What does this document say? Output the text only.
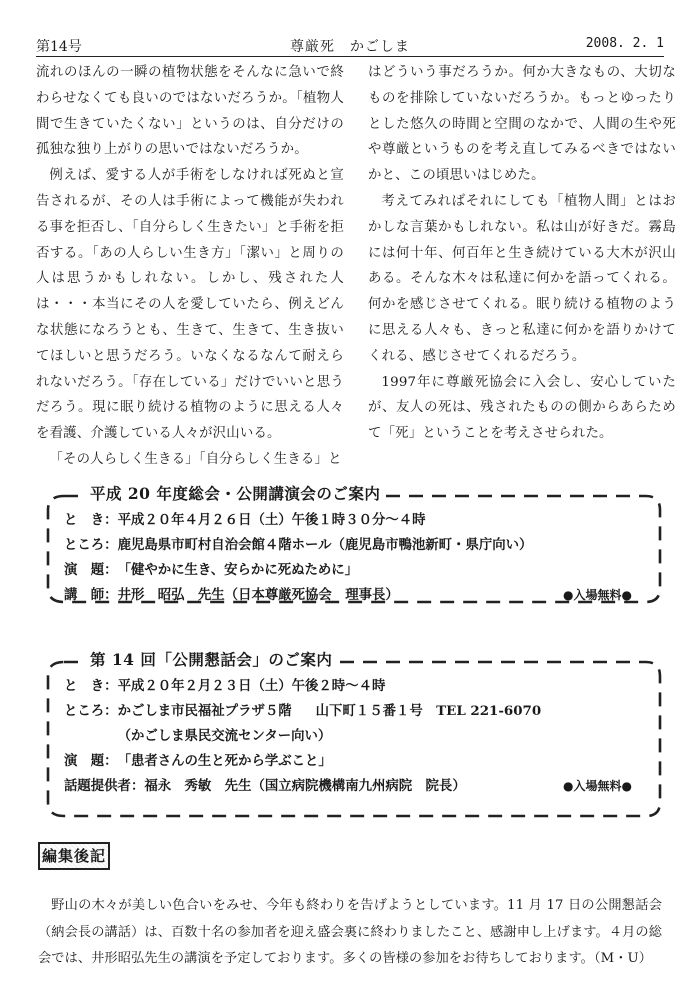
第14号	尊厳死　かごしま	2008. 2. 1

流れのほんの一瞬の植物状態をそんなに急いで終わらせなくても良いのではないだろうか。「植物人間で生きていたくない」というのは、自分だけの孤独な独り上がりの思いではないだろうか。

例えば、愛する人が手術をしなければ死ぬと宣告されるが、その人は手術によって機能が失われる事を拒否し、「自分らしく生きたい」と手術を拒否する。「あの人らしい生き方」「潔い」と周りの人は思うかもしれない。しかし、残された人は・・・本当にその人を愛していたら、例えどんな状態になろうとも、生きて、生きて、生き抜いてほしいと思うだろう。いなくなるなんて耐えられないだろう。「存在している」だけでいいと思うだろう。現に眠り続ける植物のように思える人々を看護、介護している人々が沢山いる。

「その人らしく生きる」「自分らしく生きる」と

はどういう事だろうか。何か大きなもの、大切なものを排除していないだろうか。もっとゆったりとした悠久の時間と空間のなかで、人間の生や死や尊厳というものを考え直してみるべきではないかと、この頃思いはじめた。

考えてみればそれにしても「植物人間」とはおかしな言葉かもしれない。私は山が好きだ。霧島には何十年、何百年と生き続けている大木が沢山ある。そんな木々は私達に何かを語ってくれる。何かを感じさせてくれる。眠り続ける植物のように思える人々も、きっと私達に何かを語りかけてくれる、感じさせてくれるだろう。

1997年に尊厳死協会に入会し、安心していたが、友人の死は、残されたものの側からあらためて「死」ということを考えさせられた。

平成 20 年度総会・公開講演会のご案内
と　き：平成２０年４月２６日（土）午後１時３０分～４時
ところ：鹿児島県市町村自治会館４階ホール（鹿児島市鴨池新町・県庁向い）
演　題：「健やかに生き、安らかに死ぬために」
講　師：井形　昭弘　先生（日本尊厳死協会　理事長）	●入場無料●
第 14 回「公開懇話会」のご案内
と　き：平成２０年２月２３日（土）午後２時～４時
ところ：かごしま市民福祉プラザ５階 山下町１５番１号　TEL 221-6070
　　　　（かごしま県民交流センター向い）
演　題：「患者さんの生と死から学ぶこと」
話題提供者：福永　秀敏　先生（国立病院機構南九州病院　院長）	●入場無料●
編集後記

野山の木々が美しい色合いをみせ、今年も終わりを告げようとしています。11 月 17 日の公開懇話会（納会長の講話）は、百数十名の参加者を迎え盛会裏に終わりましたこと、感謝申し上げます。４月の総会では、井形昭弘先生の講演を予定しております。多くの皆様の参加をお待ちしております。（M・U）
